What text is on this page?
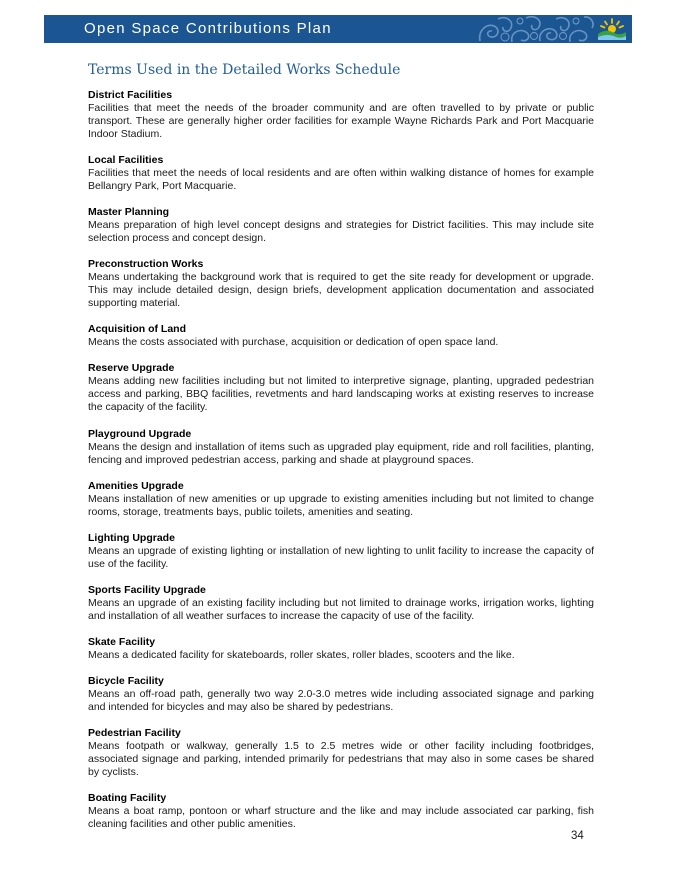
Open Space Contributions Plan
Terms Used in the Detailed Works Schedule
District Facilities
Facilities that meet the needs of the broader community and are often travelled to by private or public transport. These are generally higher order facilities for example Wayne Richards Park and Port Macquarie Indoor Stadium.
Local Facilities
Facilities that meet the needs of local residents and are often within walking distance of homes for example Bellangry Park, Port Macquarie.
Master Planning
Means preparation of high level concept designs and strategies for District facilities. This may include site selection process and concept design.
Preconstruction Works
Means undertaking the background work that is required to get the site ready for development or upgrade. This may include detailed design, design briefs, development application documentation and associated supporting material.
Acquisition of Land
Means the costs associated with purchase, acquisition or dedication of open space land.
Reserve Upgrade
Means adding new facilities including but not limited to interpretive signage, planting, upgraded pedestrian access and parking, BBQ facilities, revetments and hard landscaping works at existing reserves to increase the capacity of the facility.
Playground Upgrade
Means the design and installation of items such as upgraded play equipment, ride and roll facilities, planting, fencing and improved pedestrian access, parking and shade at playground spaces.
Amenities Upgrade
Means installation of new amenities or up upgrade to existing amenities including but not limited to change rooms, storage, treatments bays, public toilets, amenities and seating.
Lighting Upgrade
Means an upgrade of existing lighting or installation of new lighting to unlit facility to increase the capacity of use of the facility.
Sports Facility Upgrade
Means an upgrade of an existing facility including but not limited to drainage works, irrigation works, lighting and installation of all weather surfaces to increase the capacity of use of the facility.
Skate Facility
Means a dedicated facility for skateboards, roller skates, roller blades, scooters and the like.
Bicycle Facility
Means an off-road path, generally two way 2.0-3.0 metres wide including associated signage and parking and intended for bicycles and may also be shared by pedestrians.
Pedestrian Facility
Means footpath or walkway, generally 1.5 to 2.5 metres wide or other facility including footbridges, associated signage and parking, intended primarily for pedestrians that may also in some cases be shared by cyclists.
Boating Facility
Means a boat ramp, pontoon or wharf structure and the like and may include associated car parking, fish cleaning facilities and other public amenities.
34
